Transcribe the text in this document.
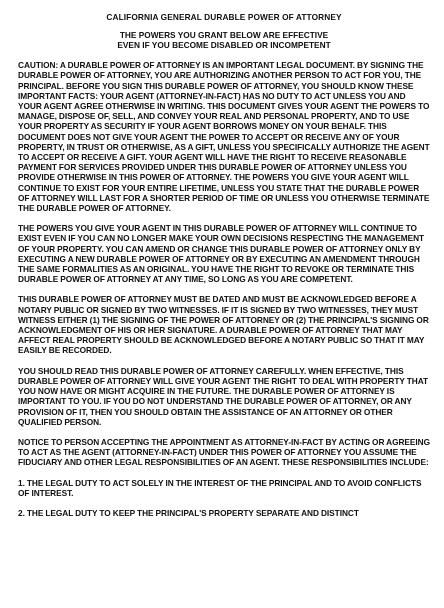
CALIFORNIA GENERAL DURABLE POWER OF ATTORNEY
THE POWERS YOU GRANT BELOW ARE EFFECTIVE
EVEN IF YOU BECOME DISABLED OR INCOMPETENT

CAUTION: A DURABLE POWER OF ATTORNEY IS AN IMPORTANT LEGAL DOCUMENT. BY SIGNING THE DURABLE POWER OF ATTORNEY, YOU ARE AUTHORIZING ANOTHER PERSON TO ACT FOR YOU, THE PRINCIPAL. BEFORE YOU SIGN THIS DURABLE POWER OF ATTORNEY, YOU SHOULD KNOW THESE IMPORTANT FACTS: YOUR AGENT (ATTORNEY-IN-FACT) HAS NO DUTY TO ACT UNLESS YOU AND YOUR AGENT AGREE OTHERWISE IN WRITING. THIS DOCUMENT GIVES YOUR AGENT THE POWERS TO MANAGE, DISPOSE OF, SELL, AND CONVEY YOUR REAL AND PERSONAL PROPERTY, AND TO USE YOUR PROPERTY AS SECURITY IF YOUR AGENT BORROWS MONEY ON YOUR BEHALF. THIS DOCUMENT DOES NOT GIVE YOUR AGENT THE POWER TO ACCEPT OR RECEIVE ANY OF YOUR PROPERTY, IN TRUST OR OTHERWISE, AS A GIFT, UNLESS YOU SPECIFICALLY AUTHORIZE THE AGENT TO ACCEPT OR RECEIVE A GIFT. YOUR AGENT WILL HAVE THE RIGHT TO RECEIVE REASONABLE PAYMENT FOR SERVICES PROVIDED UNDER THIS DURABLE POWER OF ATTORNEY UNLESS YOU PROVIDE OTHERWISE IN THIS POWER OF ATTORNEY. THE POWERS YOU GIVE YOUR AGENT WILL CONTINUE TO EXIST FOR YOUR ENTIRE LIFETIME, UNLESS YOU STATE THAT THE DURABLE POWER OF ATTORNEY WILL LAST FOR A SHORTER PERIOD OF TIME OR UNLESS YOU OTHERWISE TERMINATE THE DURABLE POWER OF ATTORNEY.

THE POWERS YOU GIVE YOUR AGENT IN THIS DURABLE POWER OF ATTORNEY WILL CONTINUE TO EXIST EVEN IF YOU CAN NO LONGER MAKE YOUR OWN DECISIONS RESPECTING THE MANAGEMENT OF YOUR PROPERTY. YOU CAN AMEND OR CHANGE THIS DURABLE POWER OF ATTORNEY ONLY BY EXECUTING A NEW DURABLE POWER OF ATTORNEY OR BY EXECUTING AN AMENDMENT THROUGH THE SAME FORMALITIES AS AN ORIGINAL. YOU HAVE THE RIGHT TO REVOKE OR TERMINATE THIS DURABLE POWER OF ATTORNEY AT ANY TIME, SO LONG AS YOU ARE COMPETENT.

THIS DURABLE POWER OF ATTORNEY MUST BE DATED AND MUST BE ACKNOWLEDGED BEFORE A NOTARY PUBLIC OR SIGNED BY TWO WITNESSES. IF IT IS SIGNED BY TWO WITNESSES, THEY MUST WITNESS EITHER (1) THE SIGNING OF THE POWER OF ATTORNEY OR (2) THE PRINCIPAL'S SIGNING OR ACKNOWLEDGMENT OF HIS OR HER SIGNATURE. A DURABLE POWER OF ATTORNEY THAT MAY AFFECT REAL PROPERTY SHOULD BE ACKNOWLEDGED BEFORE A NOTARY PUBLIC SO THAT IT MAY EASILY BE RECORDED.

YOU SHOULD READ THIS DURABLE POWER OF ATTORNEY CAREFULLY. WHEN EFFECTIVE, THIS DURABLE POWER OF ATTORNEY WILL GIVE YOUR AGENT THE RIGHT TO DEAL WITH PROPERTY THAT YOU NOW HAVE OR MIGHT ACQUIRE IN THE FUTURE. THE DURABLE POWER OF ATTORNEY IS IMPORTANT TO YOU. IF YOU DO NOT UNDERSTAND THE DURABLE POWER OF ATTORNEY, OR ANY PROVISION OF IT, THEN YOU SHOULD OBTAIN THE ASSISTANCE OF AN ATTORNEY OR OTHER QUALIFIED PERSON.

NOTICE TO PERSON ACCEPTING THE APPOINTMENT AS ATTORNEY-IN-FACT BY ACTING OR AGREEING TO ACT AS THE AGENT (ATTORNEY-IN-FACT) UNDER THIS POWER OF ATTORNEY YOU ASSUME THE FIDUCIARY AND OTHER LEGAL RESPONSIBILITIES OF AN AGENT. THESE RESPONSIBILITIES INCLUDE:

1. THE LEGAL DUTY TO ACT SOLELY IN THE INTEREST OF THE PRINCIPAL AND TO AVOID CONFLICTS OF INTEREST.

2. THE LEGAL DUTY TO KEEP THE PRINCIPAL'S PROPERTY SEPARATE AND DISTINCT
